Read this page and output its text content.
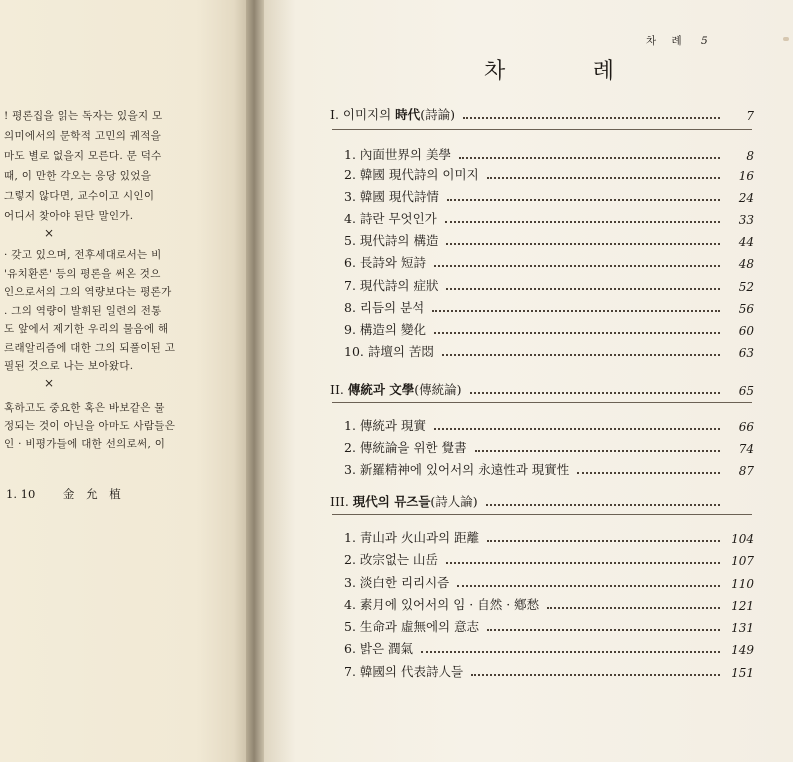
! 평론집을 읽는 독자는 있을지 모
의미에서의 문학적 고민의 궤적을
마도 별로 없을지 모른다. 문 덕수
때, 이 만한 각오는 응당 있었을
그렇지 않다면, 교수이고 시인이
어디서 찾아야 된단 말인가.
×
· 갖고 있으며, 전후세대로서는 비
'유치환론' 등의 평론을 써온 것으
인으로서의 그의 역량보다는 평론가
. 그의 역량이 발휘된 일련의 전통
도 앞에서 제기한 우리의 물음에 해
르래알리즘에 대한 그의 되풀이된 고
필된 것으로 나는 보아왔다.
×
혹하고도 중요한 혹은 바보같은 물
정되는 것이 아닌을 아마도 사람들은
인 · 비평가들에 대한 선의로써, 이
1. 10 金 允 植
차 례 5
차	례
I. 이미지의 時代(詩論)	7
1. 內面世界의 美學	8
2. 韓國 現代詩의 이미지	16
3. 韓國 現代詩情	24
4. 詩란 무엇인가	33
5. 現代詩의 構造	44
6. 長詩와 短詩	48
7. 現代詩의 症狀	52
8. 리듬의 분석	56
9. 構造의 變化	60
10. 詩壇의 苦悶	63
II. 傳統과 文學(傳統論)	65
1. 傳統과 現實	66
2. 傳統論을 위한 覺書	74
3. 新羅精神에 있어서의 永遠性과 現實性	87
III. 現代의 뮤즈들(詩人論)
1. 靑山과 火山과의 距離	104
2. 改宗없는 山岳	107
3. 淡白한 리리시즘	110
4. 素月에 있어서의 임 · 自然 · 鄕愁	121
5. 生命과 虛無에의 意志	131
6. 밝은 潤氣	149
7. 韓國의 代表詩人들	151
